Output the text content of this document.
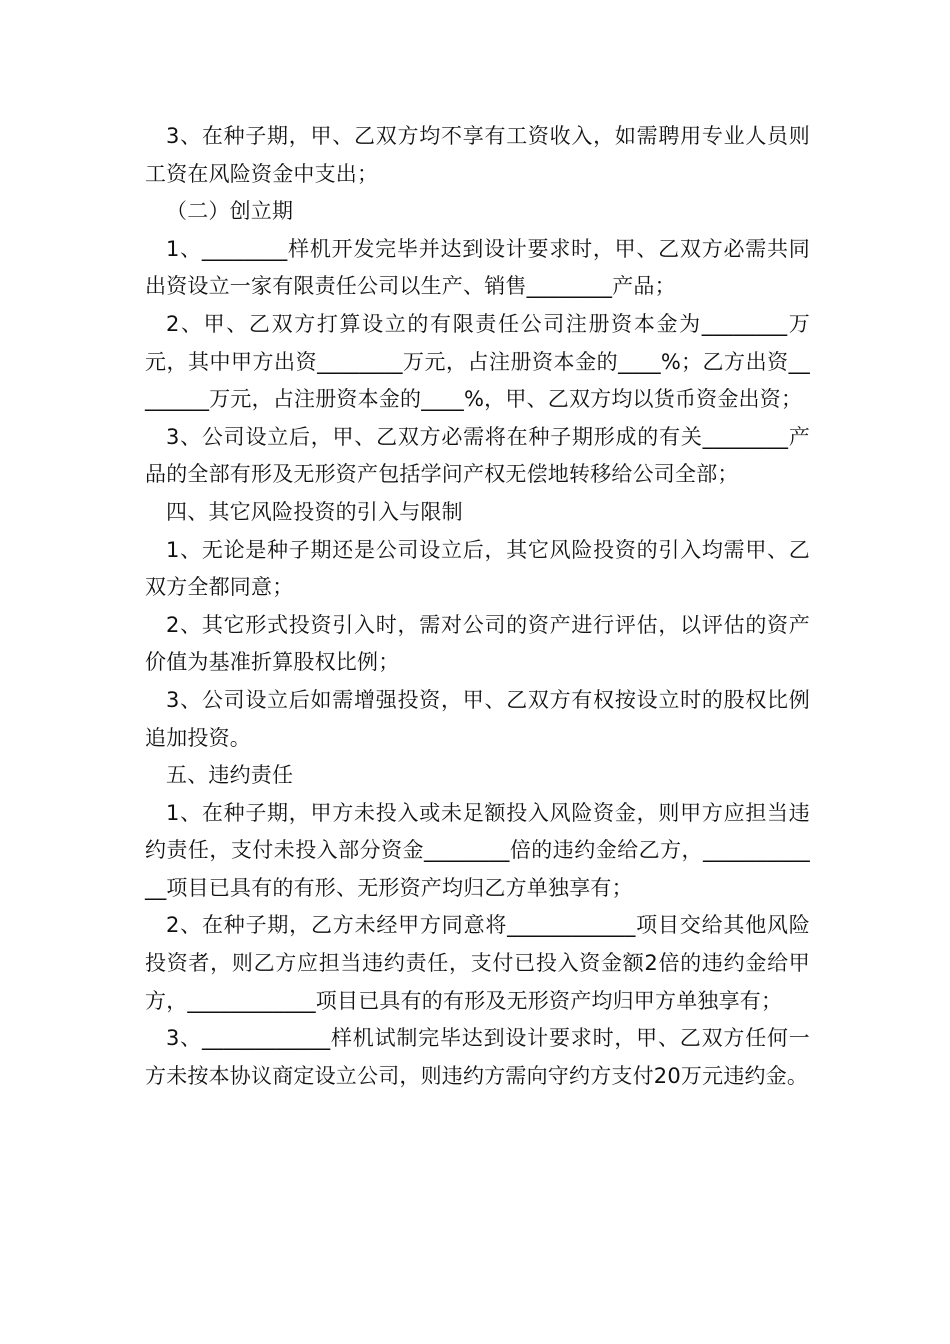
3、在种子期，甲、乙双方均不享有工资收入，如需聘用专业人员则工资在风险资金中支出；

（二）创立期

1、________样机开发完毕并达到设计要求时，甲、乙双方必需共同出资设立一家有限责任公司以生产、销售________产品；

2、甲、乙双方打算设立的有限责任公司注册资本金为________万元，其中甲方出资________万元，占注册资本金的____%；乙方出资________万元，占注册资本金的____%，甲、乙双方均以货币资金出资；

3、公司设立后，甲、乙双方必需将在种子期形成的有关________产品的全部有形及无形资产包括学问产权无偿地转移给公司全部；

四、其它风险投资的引入与限制

1、无论是种子期还是公司设立后，其它风险投资的引入均需甲、乙双方全都同意；

2、其它形式投资引入时，需对公司的资产进行评估，以评估的资产价值为基准折算股权比例；

3、公司设立后如需增强投资，甲、乙双方有权按设立时的股权比例追加投资。

五、违约责任

1、在种子期，甲方未投入或未足额投入风险资金，则甲方应担当违约责任，支付未投入部分资金________倍的违约金给乙方，____________项目已具有的有形、无形资产均归乙方单独享有；

2、在种子期，乙方未经甲方同意将____________项目交给其他风险投资者，则乙方应担当违约责任，支付已投入资金额2倍的违约金给甲方，____________项目已具有的有形及无形资产均归甲方单独享有；

3、____________样机试制完毕达到设计要求时，甲、乙双方任何一方未按本协议商定设立公司，则违约方需向守约方支付20万元违约金。
